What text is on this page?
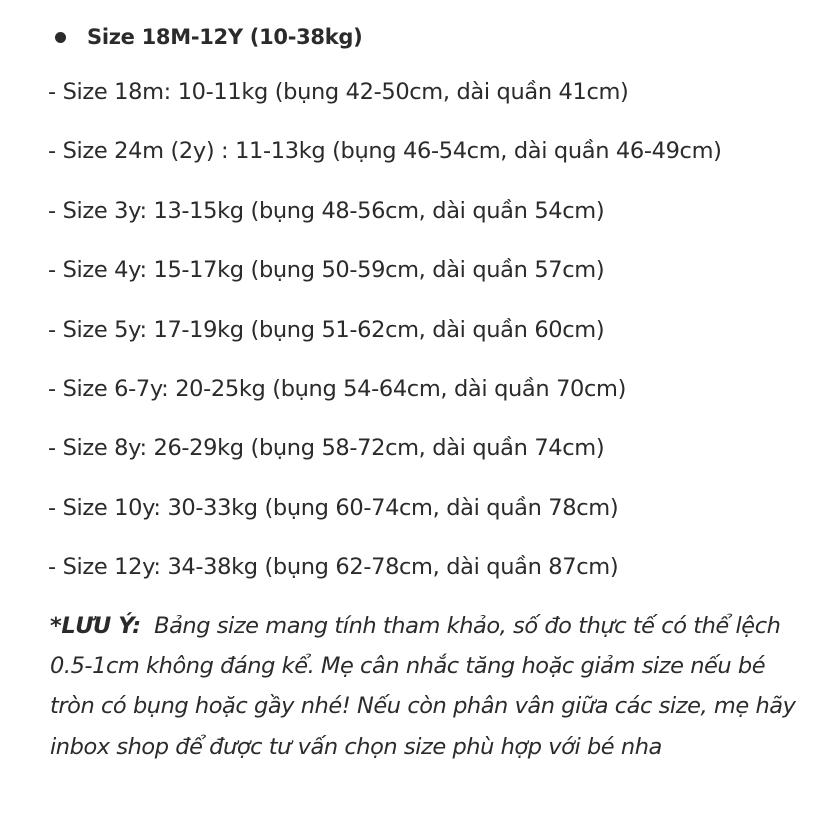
Size 18M-12Y (10-38kg)
- Size 18m: 10-11kg (bụng 42-50cm, dài quần 41cm)
- Size 24m (2y) : 11-13kg (bụng 46-54cm, dài quần 46-49cm)
- Size 3y: 13-15kg (bụng 48-56cm, dài quần 54cm)
- Size 4y: 15-17kg (bụng 50-59cm, dài quần 57cm)
- Size 5y: 17-19kg (bụng 51-62cm, dài quần 60cm)
- Size 6-7y: 20-25kg (bụng 54-64cm, dài quần 70cm)
- Size 8y: 26-29kg (bụng 58-72cm, dài quần 74cm)
- Size 10y: 30-33kg (bụng 60-74cm, dài quần 78cm)
- Size 12y: 34-38kg (bụng 62-78cm, dài quần 87cm)

*LƯU Ý: Bảng size mang tính tham khảo, số đo thực tế có thể lệch 0.5-1cm không đáng kể. Mẹ cân nhắc tăng hoặc giảm size nếu bé tròn có bụng hoặc gầy nhé! Nếu còn phân vân giữa các size, mẹ hãy inbox shop để được tư vấn chọn size phù hợp với bé nha
